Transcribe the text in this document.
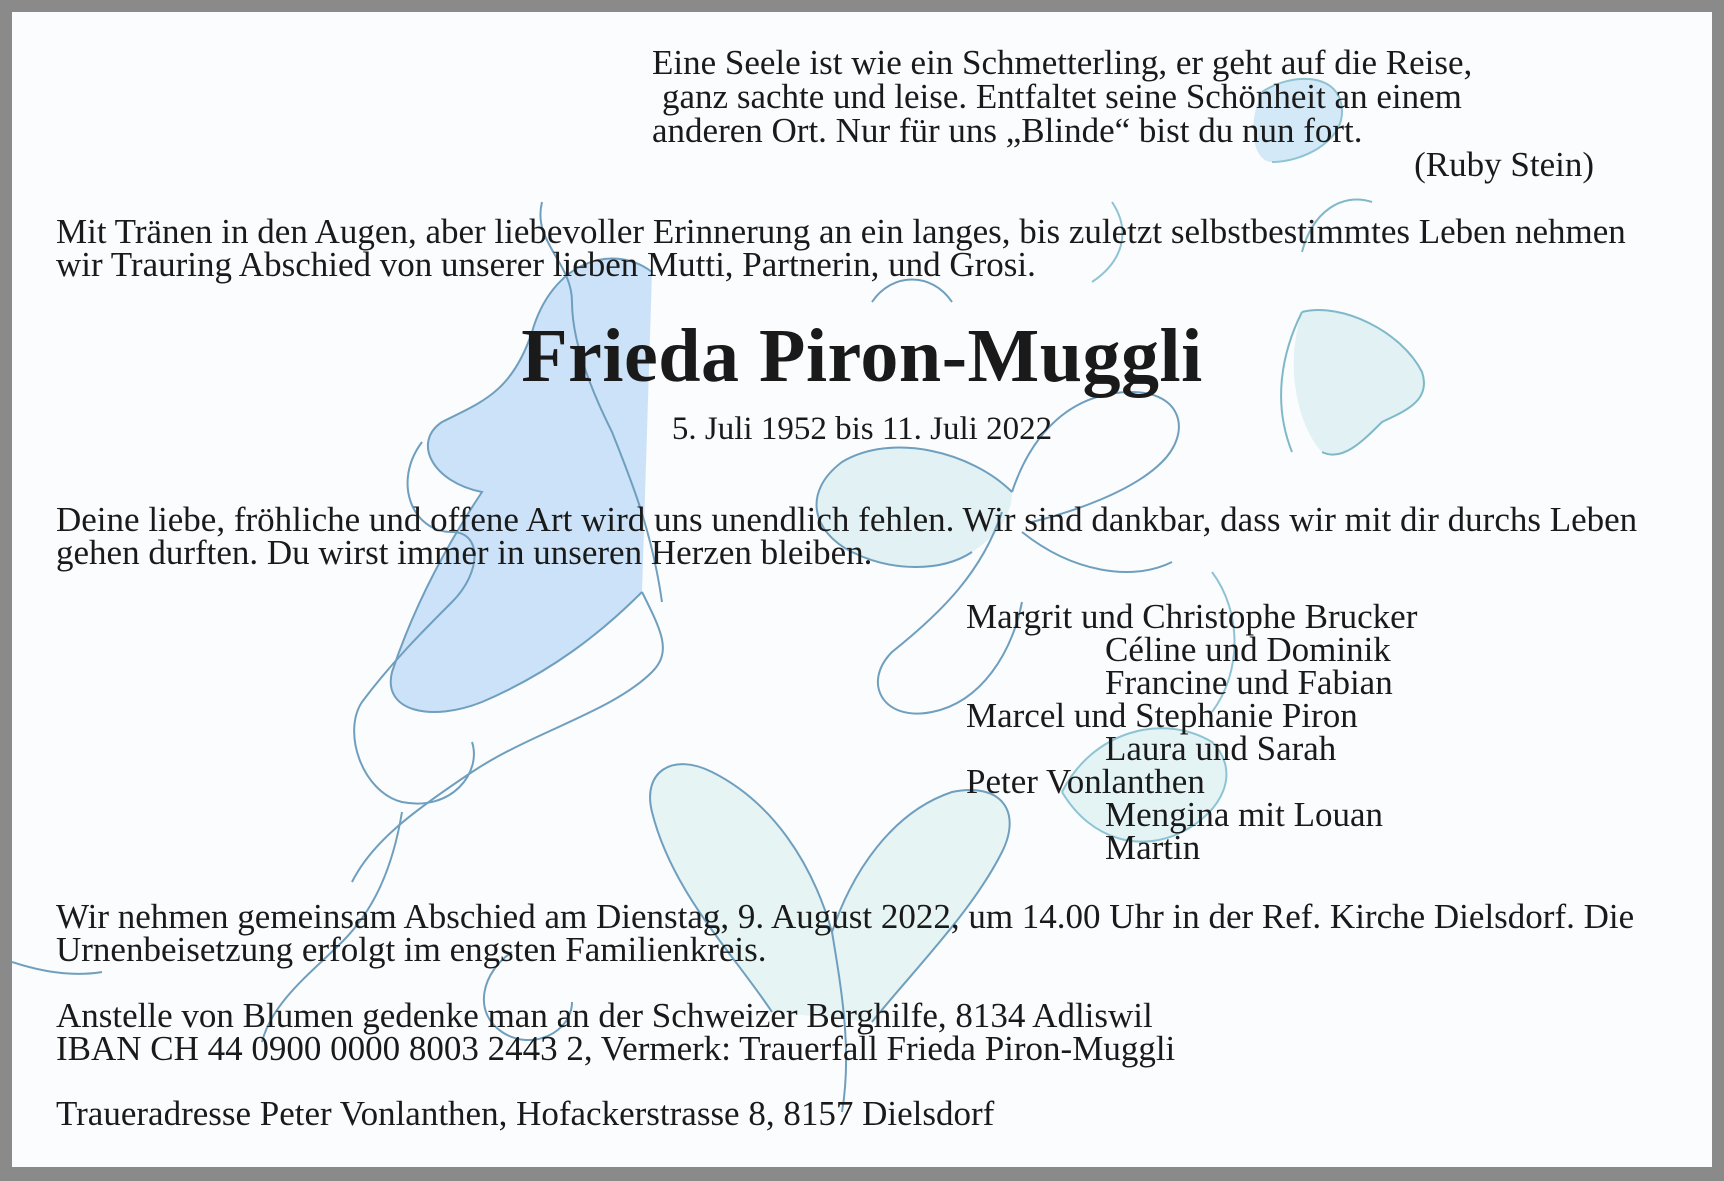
Eine Seele ist wie ein Schmetterling, er geht auf die Reise,
ganz sachte und leise. Entfaltet seine Schönheit an einem
anderen Ort. Nur für uns „Blinde“ bist du nun fort.
(Ruby Stein)
Mit Tränen in den Augen, aber liebevoller Erinnerung an ein langes, bis zuletzt selbstbestimmtes Leben nehmen wir Trauring Abschied von unserer lieben Mutti, Partnerin, und Grosi.
Frieda Piron-Muggli
5. Juli 1952 bis 11. Juli 2022
Deine liebe, fröhliche und offene Art wird uns unendlich fehlen. Wir sind dankbar, dass wir mit dir durchs Leben gehen durften. Du wirst immer in unseren Herzen bleiben.
Margrit und Christophe Brucker
Céline und Dominik
Francine und Fabian
Marcel und Stephanie Piron
Laura und Sarah
Peter Vonlanthen
Mengina mit Louan
Martin
Wir nehmen gemeinsam Abschied am Dienstag, 9. August 2022, um 14.00 Uhr in der Ref. Kirche Dielsdorf. Die Urnenbeisetzung erfolgt im engsten Familienkreis.
Anstelle von Blumen gedenke man an der Schweizer Berghilfe, 8134 Adliswil
IBAN CH 44 0900 0000 8003 2443 2, Vermerk: Trauerfall Frieda Piron-Muggli
Traueradresse Peter Vonlanthen, Hofackerstrasse 8, 8157 Dielsdorf
